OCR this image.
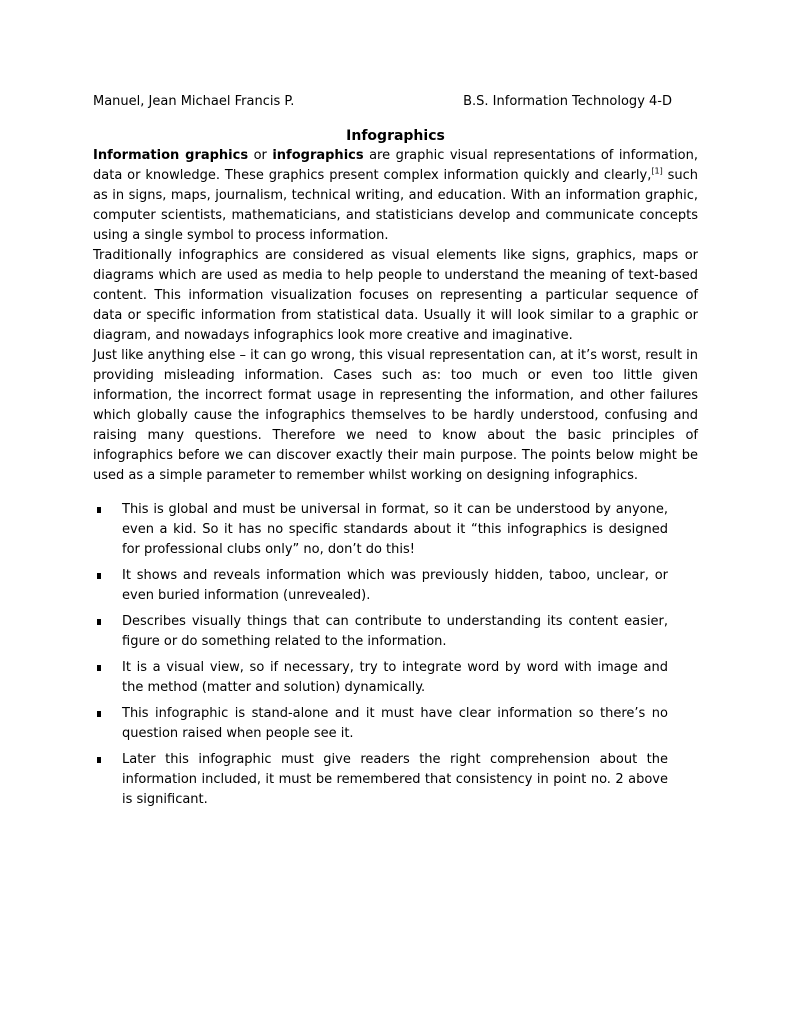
Manuel, Jean Michael Francis P.	B.S. Information Technology 4-D
Infographics

Information graphics or infographics are graphic visual representations of information, data or knowledge. These graphics present complex information quickly and clearly,[1] such as in signs, maps, journalism, technical writing, and education. With an information graphic, computer scientists, mathematicians, and statisticians develop and communicate concepts using a single symbol to process information.

Traditionally infographics are considered as visual elements like signs, graphics, maps or diagrams which are used as media to help people to understand the meaning of text-based content. This information visualization focuses on representing a particular sequence of data or specific information from statistical data. Usually it will look similar to a graphic or diagram, and nowadays infographics look more creative and imaginative.

Just like anything else – it can go wrong, this visual representation can, at it’s worst, result in providing misleading information. Cases such as: too much or even too little given information, the incorrect format usage in representing the information, and other failures which globally cause the infographics themselves to be hardly understood, confusing and raising many questions. Therefore we need to know about the basic principles of infographics before we can discover exactly their main purpose. The points below might be used as a simple parameter to remember whilst working on designing infographics.

This is global and must be universal in format, so it can be understood by anyone, even a kid. So it has no specific standards about it “this infographics is designed for professional clubs only” no, don’t do this!
It shows and reveals information which was previously hidden, taboo, unclear, or even buried information (unrevealed).
Describes visually things that can contribute to understanding its content easier, figure or do something related to the information.
It is a visual view, so if necessary, try to integrate word by word with image and the method (matter and solution) dynamically.
This infographic is stand-alone and it must have clear information so there’s no question raised when people see it.
Later this infographic must give readers the right comprehension about the information included, it must be remembered that consistency in point no. 2 above is significant.
